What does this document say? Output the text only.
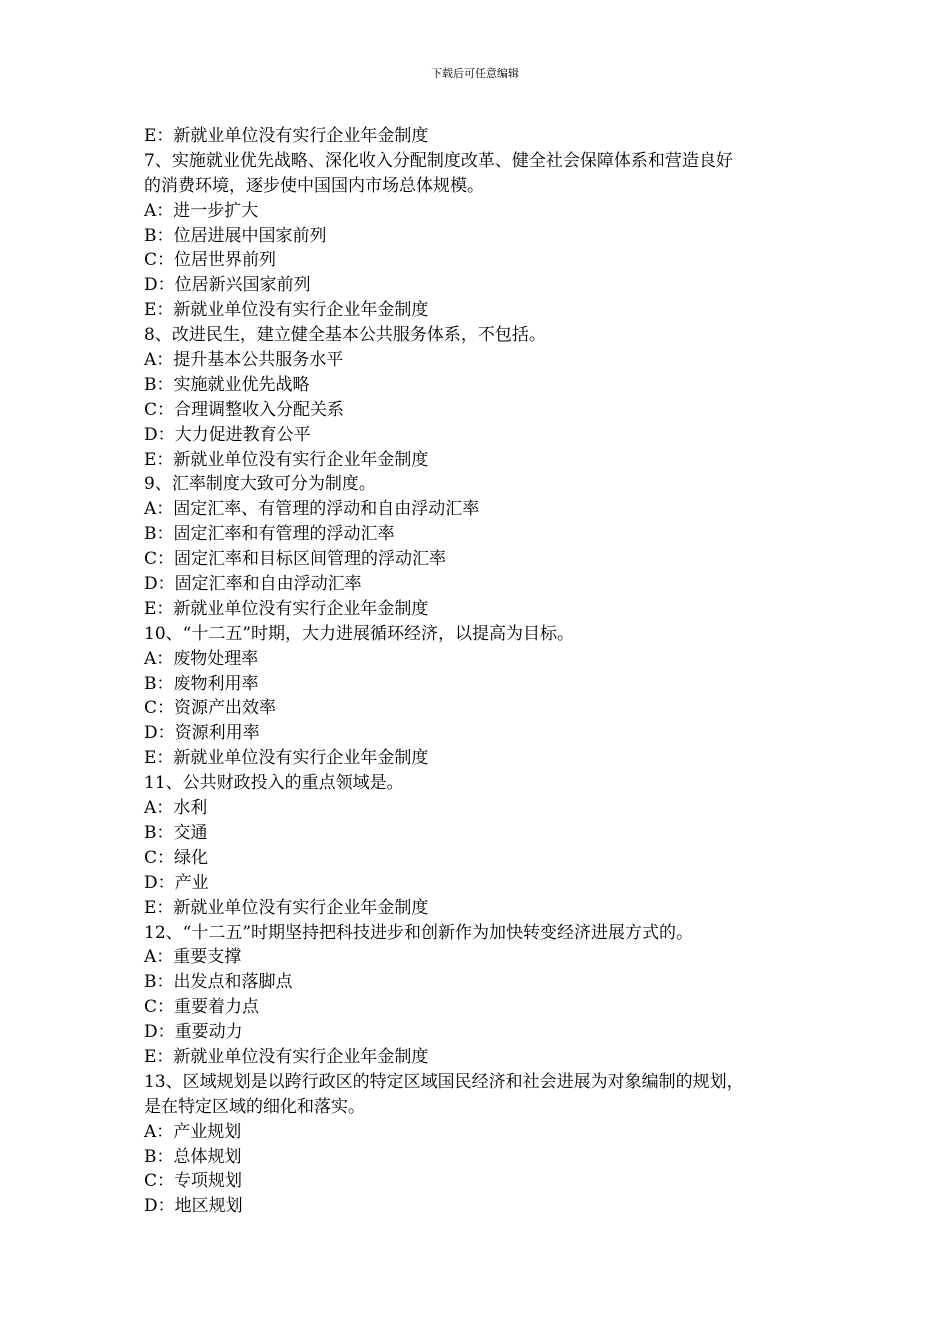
下载后可任意编辑
E：新就业单位没有实行企业年金制度
7、实施就业优先战略、深化收入分配制度改革、健全社会保障体系和营造良好
的消费环境，逐步使中国国内市场总体规模。
A：进一步扩大
B：位居进展中国家前列
C：位居世界前列
D：位居新兴国家前列
E：新就业单位没有实行企业年金制度
8、改进民生，建立健全基本公共服务体系，不包括。
A：提升基本公共服务水平
B：实施就业优先战略
C：合理调整收入分配关系
D：大力促进教育公平
E：新就业单位没有实行企业年金制度
9、汇率制度大致可分为制度。
A：固定汇率、有管理的浮动和自由浮动汇率
B：固定汇率和有管理的浮动汇率
C：固定汇率和目标区间管理的浮动汇率
D：固定汇率和自由浮动汇率
E：新就业单位没有实行企业年金制度
10、“十二五”时期，大力进展循环经济，以提高为目标。
A：废物处理率
B：废物利用率
C：资源产出效率
D：资源利用率
E：新就业单位没有实行企业年金制度
11、公共财政投入的重点领域是。
A：水利
B：交通
C：绿化
D：产业
E：新就业单位没有实行企业年金制度
12、“十二五”时期坚持把科技进步和创新作为加快转变经济进展方式的。
A：重要支撑
B：出发点和落脚点
C：重要着力点
D：重要动力
E：新就业单位没有实行企业年金制度
13、区域规划是以跨行政区的特定区域国民经济和社会进展为对象编制的规划，
是在特定区域的细化和落实。
A：产业规划
B：总体规划
C：专项规划
D：地区规划
